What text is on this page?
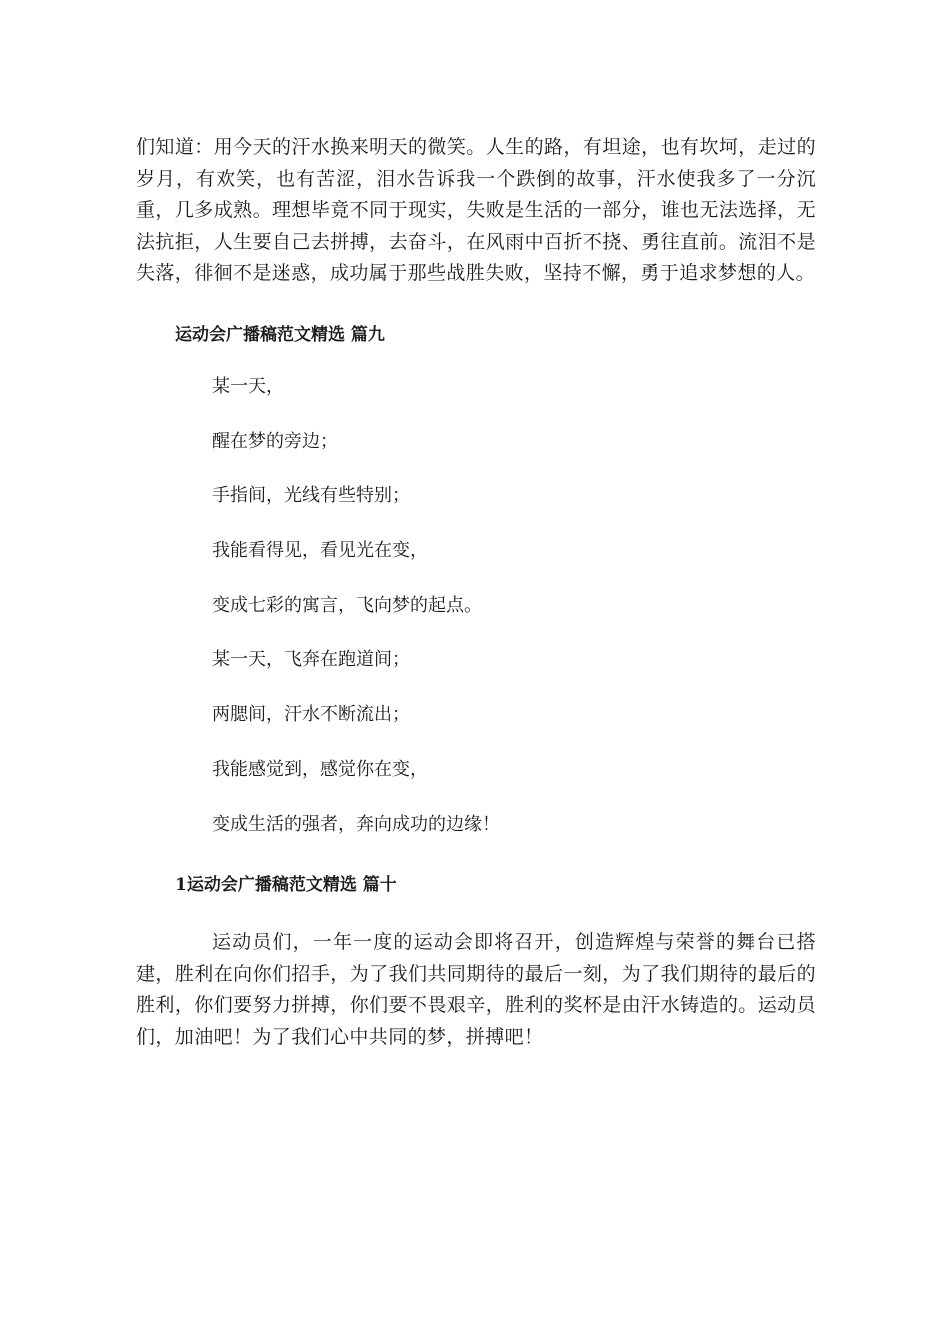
们知道：用今天的汗水换来明天的微笑。人生的路，有坦途，也有坎坷，走过的岁月，有欢笑，也有苦涩，泪水告诉我一个跌倒的故事，汗水使我多了一分沉重，几多成熟。理想毕竟不同于现实，失败是生活的一部分，谁也无法选择，无法抗拒，人生要自己去拼搏，去奋斗，在风雨中百折不挠、勇往直前。流泪不是失落，徘徊不是迷惑，成功属于那些战胜失败，坚持不懈，勇于追求梦想的人。

运动会广播稿范文精选 篇九
某一天，
醒在梦的旁边；
手指间，光线有些特别；
我能看得见，看见光在变，
变成七彩的寓言，飞向梦的起点。
某一天，飞奔在跑道间；
两腮间，汗水不断流出；
我能感觉到，感觉你在变，
变成生活的强者，奔向成功的边缘！
1运动会广播稿范文精选 篇十

运动员们，一年一度的运动会即将召开，创造辉煌与荣誉的舞台已搭建，胜利在向你们招手，为了我们共同期待的最后一刻，为了我们期待的最后的胜利，你们要努力拼搏，你们要不畏艰辛，胜利的奖杯是由汗水铸造的。运动员们，加油吧！为了我们心中共同的梦，拼搏吧！
